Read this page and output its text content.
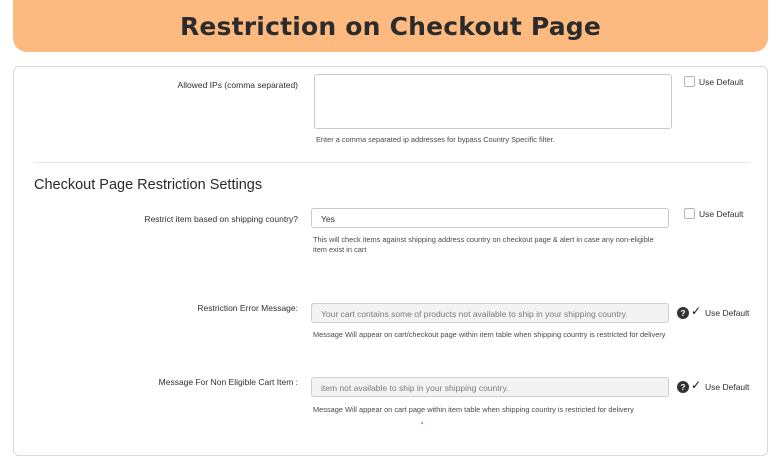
Restriction on Checkout Page
Allowed IPs (comma separated)	Use Default
Enter a comma separated ip addresses for bypass Country Specific filter.
Checkout Page Restriction Settings
Restrict item based on shipping country?	Yes	Use Default
This will check items against shipping address country on checkout page & alert in case any non-eligible
item exist in cart
Restriction Error Message:
Your cart contains some of products not available to ship in your shipping country.	? ✓ Use Default
Message Will appear on cart/checkout page within item table when shipping country is restricted for delivery
Message For Non Eligible Cart Item :
item not available to ship in your shipping country.	? ✓ Use Default
Message Will appear on cart page within item table when shipping country is restricted for delivery
